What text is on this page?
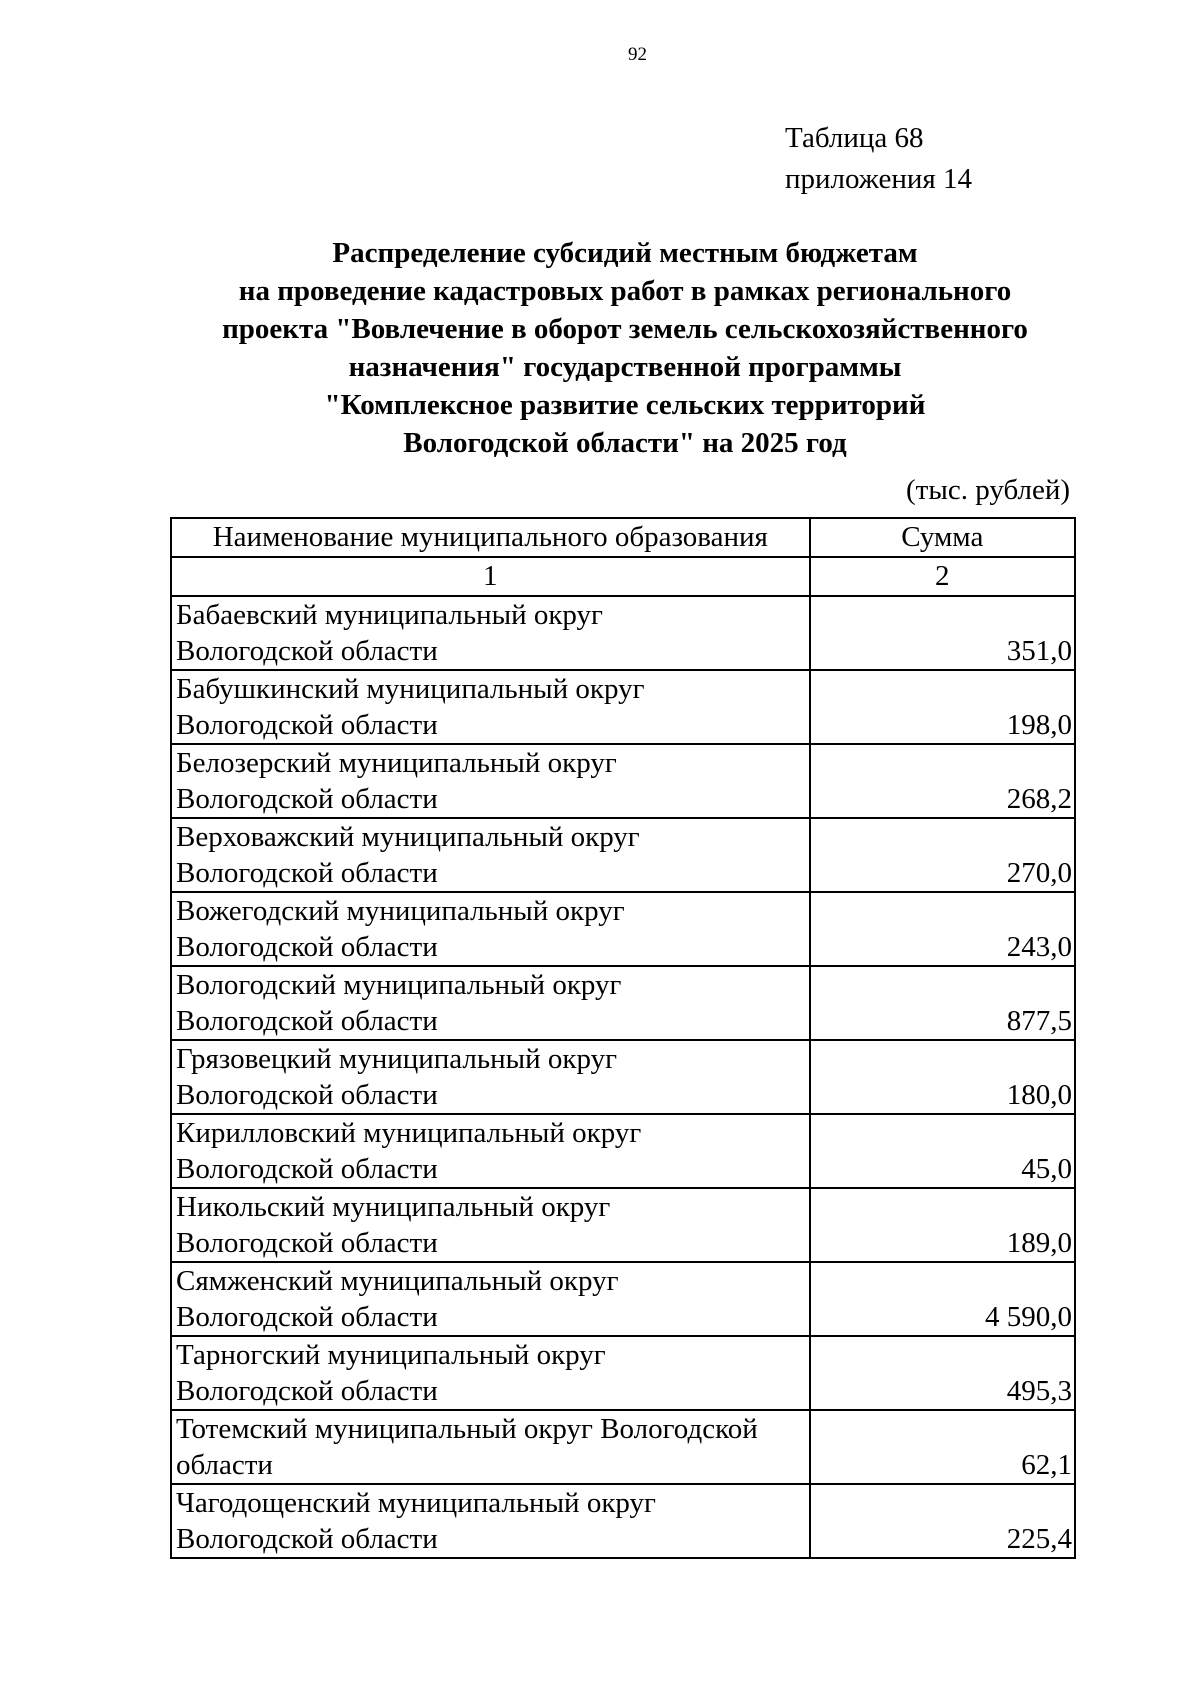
92
Таблица 68
приложения 14
Распределение субсидий местным бюджетам
на проведение кадастровых работ в рамках регионального
проекта "Вовлечение в оборот земель сельскохозяйственного
назначения" государственной программы
"Комплексное развитие сельских территорий
Вологодской области" на 2025 год
(тыс. рублей)
Наименование муниципального образования	Сумма
1	2

Бабаевский муниципальный округ
Вологодской области	351,0

Бабушкинский муниципальный округ
Вологодской области	198,0

Белозерский муниципальный округ
Вологодской области	268,2

Верховажский муниципальный округ
Вологодской области	270,0

Вожегодский муниципальный округ
Вологодской области	243,0

Вологодский муниципальный округ
Вологодской области	877,5

Грязовецкий муниципальный округ
Вологодской области	180,0

Кирилловский муниципальный округ
Вологодской области	45,0

Никольский муниципальный округ
Вологодской области	189,0

Сямженский муниципальный округ
Вологодской области	4 590,0

Тарногский муниципальный округ
Вологодской области	495,3

Тотемский муниципальный округ Вологодской
области	62,1

Чагодощенский муниципальный округ
Вологодской области	225,4
